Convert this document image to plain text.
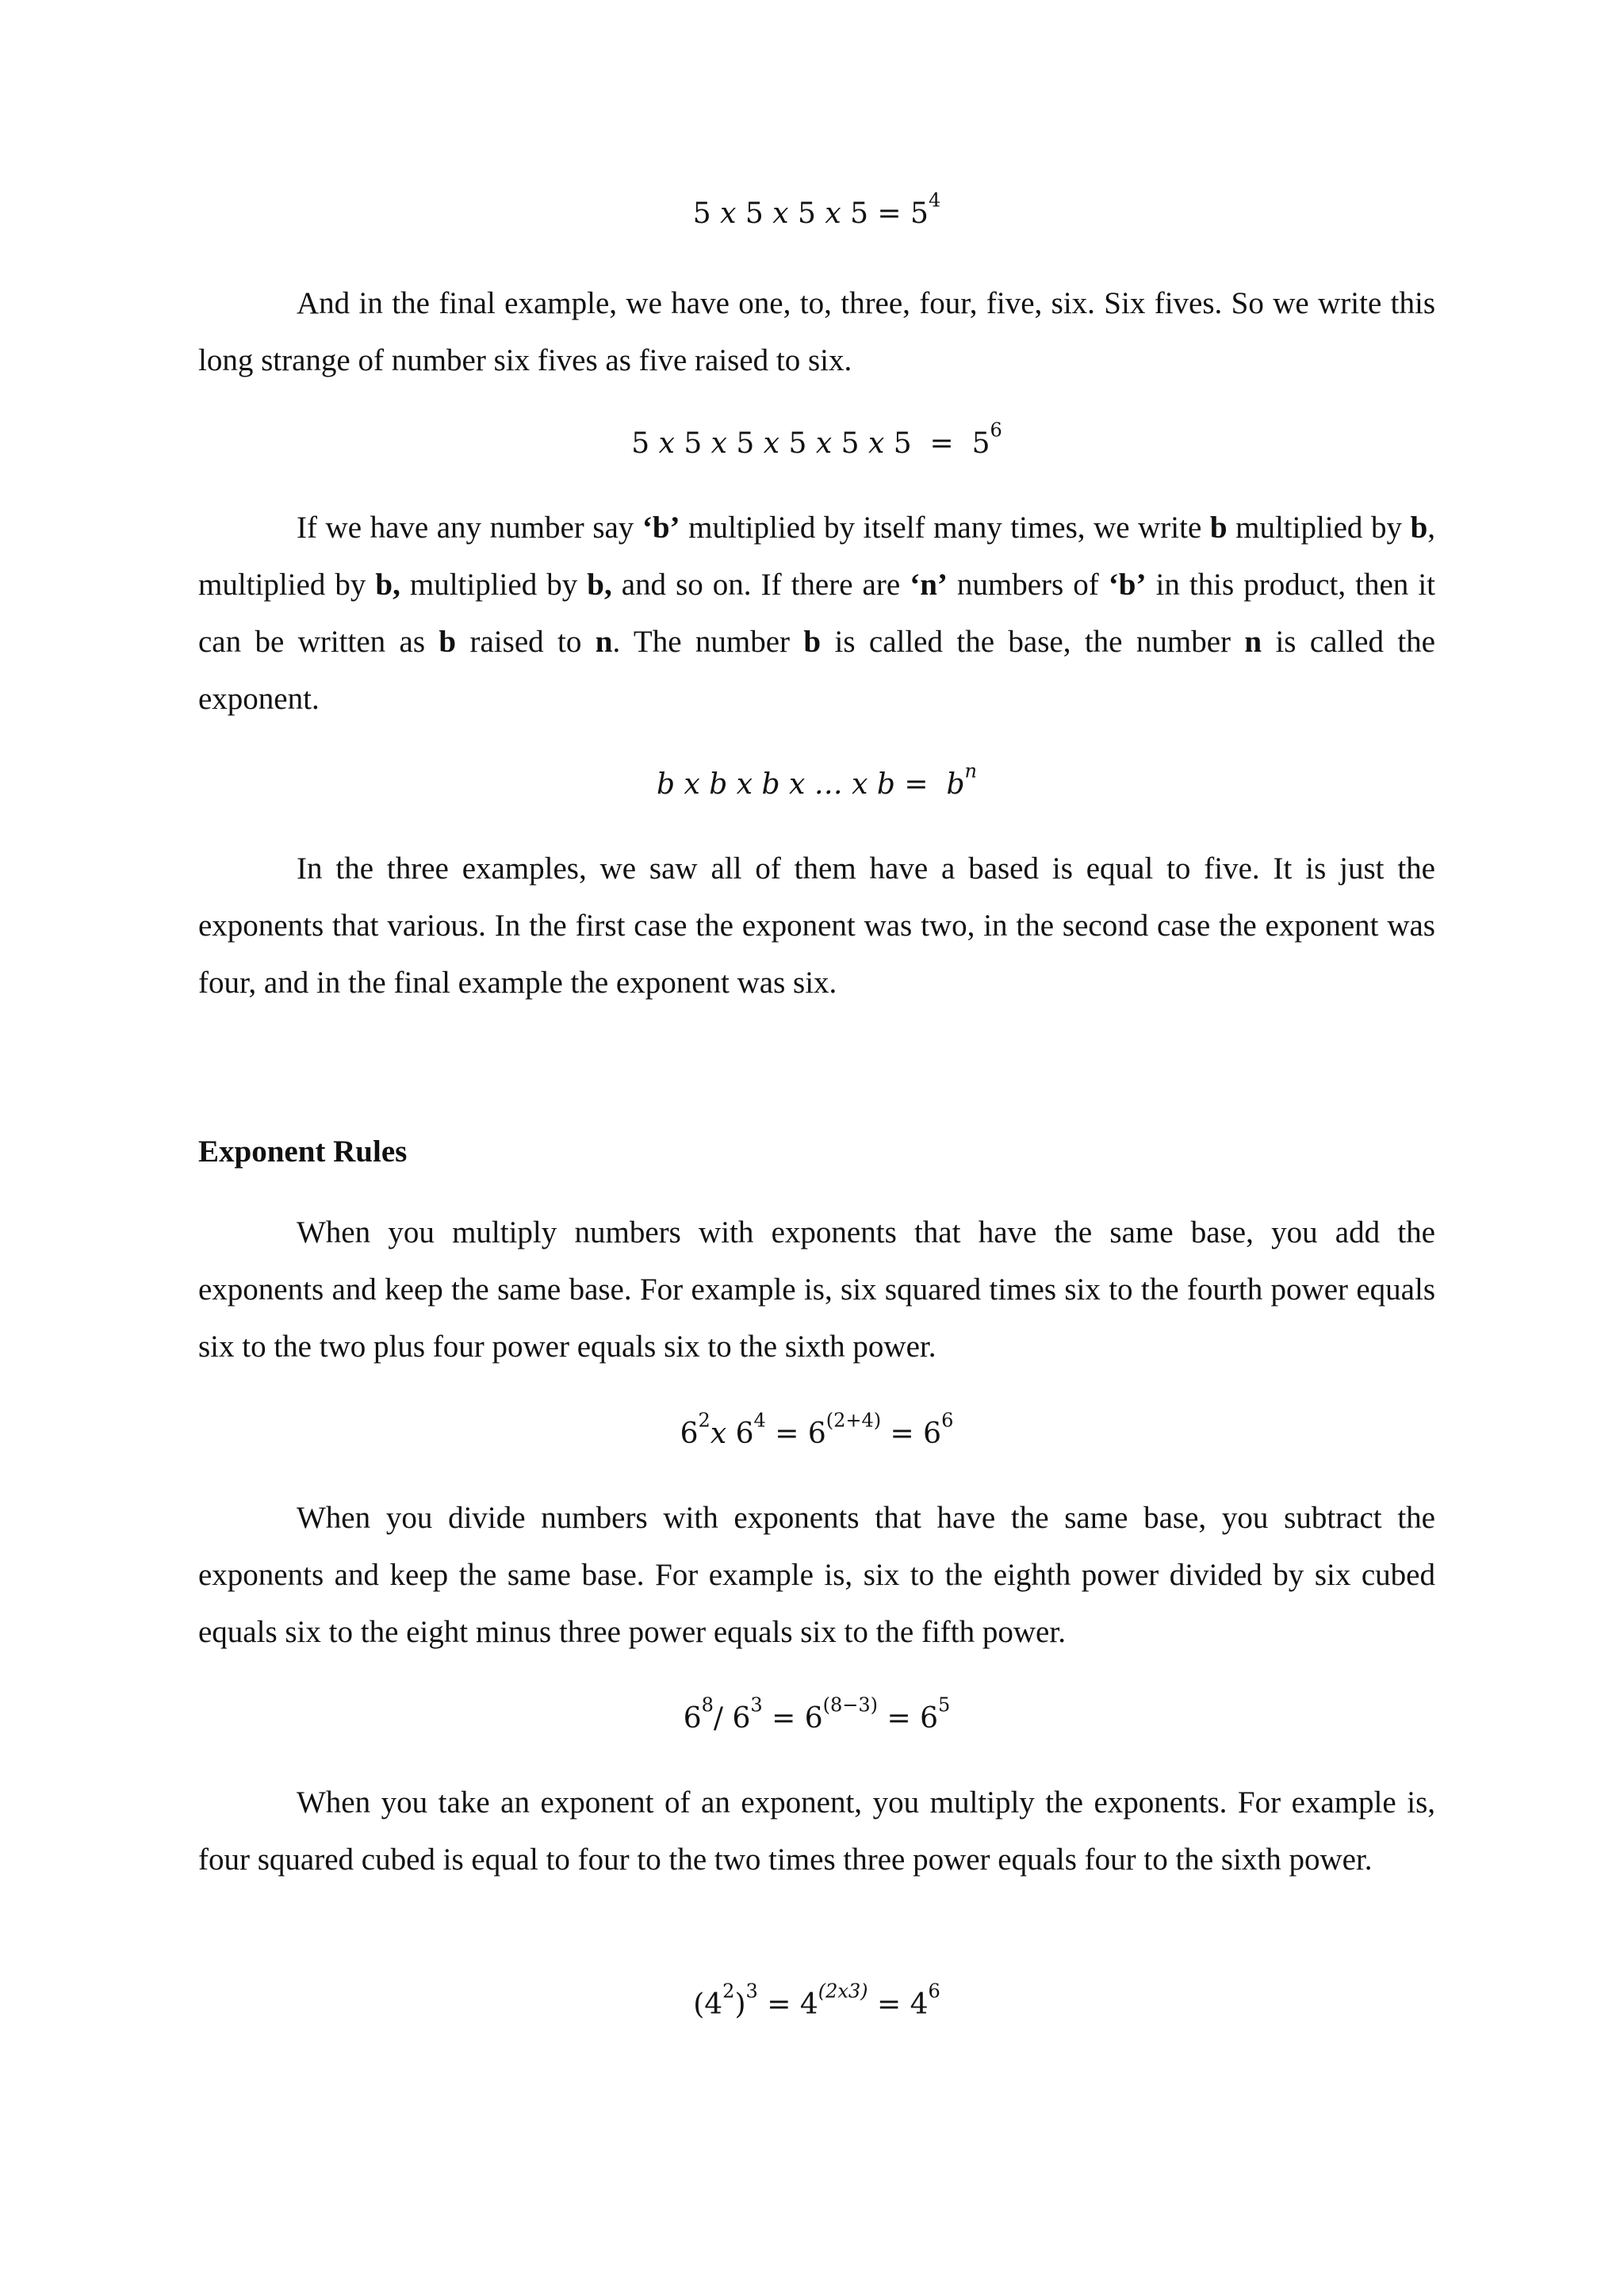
5 x 5 x 5 x $5 = 5^4$

And in the final example, we have one, to, three, four, five, six. Six fives. So we write this long strange of number six fives as five raised to six.

5 x 5 x 5 x 5 x 5 x $5 = 5^6$

If we have any number say ‘b’ multiplied by itself many times, we write b multiplied by b, multiplied by b, multiplied by b, and so on. If there are ‘n’ numbers of ‘b’ in this product, then it can be written as b raised to n. The number b is called the base, the number n is called the exponent.

b x b x b x … x $b = b^n$

In the three examples, we saw all of them have a based is equal to five. It is just the exponents that various. In the first case the exponent was two, in the second case the exponent was four, and in the final example the exponent was six.

Exponent Rules

When you multiply numbers with exponents that have the same base, you add the exponents and keep the same base. For example is, six squared times six to the fourth power equals six to the two plus four power equals six to the sixth power.

$6^2x$ $6^4 = 6^{(2+4)} = 6^6$

When you divide numbers with exponents that have the same base, you subtract the exponents and keep the same base. For example is, six to the eighth power divided by six cubed equals six to the eight minus three power equals six to the fifth power.

$6^8/$ $6^3 = 6^{(8-3)} = 6^5$

When you take an exponent of an exponent, you multiply the exponents. For example is, four squared cubed is equal to four to the two times three power equals four to the sixth power.

$(4^2)^3 = 4^{(2x3)} = 4^6$
